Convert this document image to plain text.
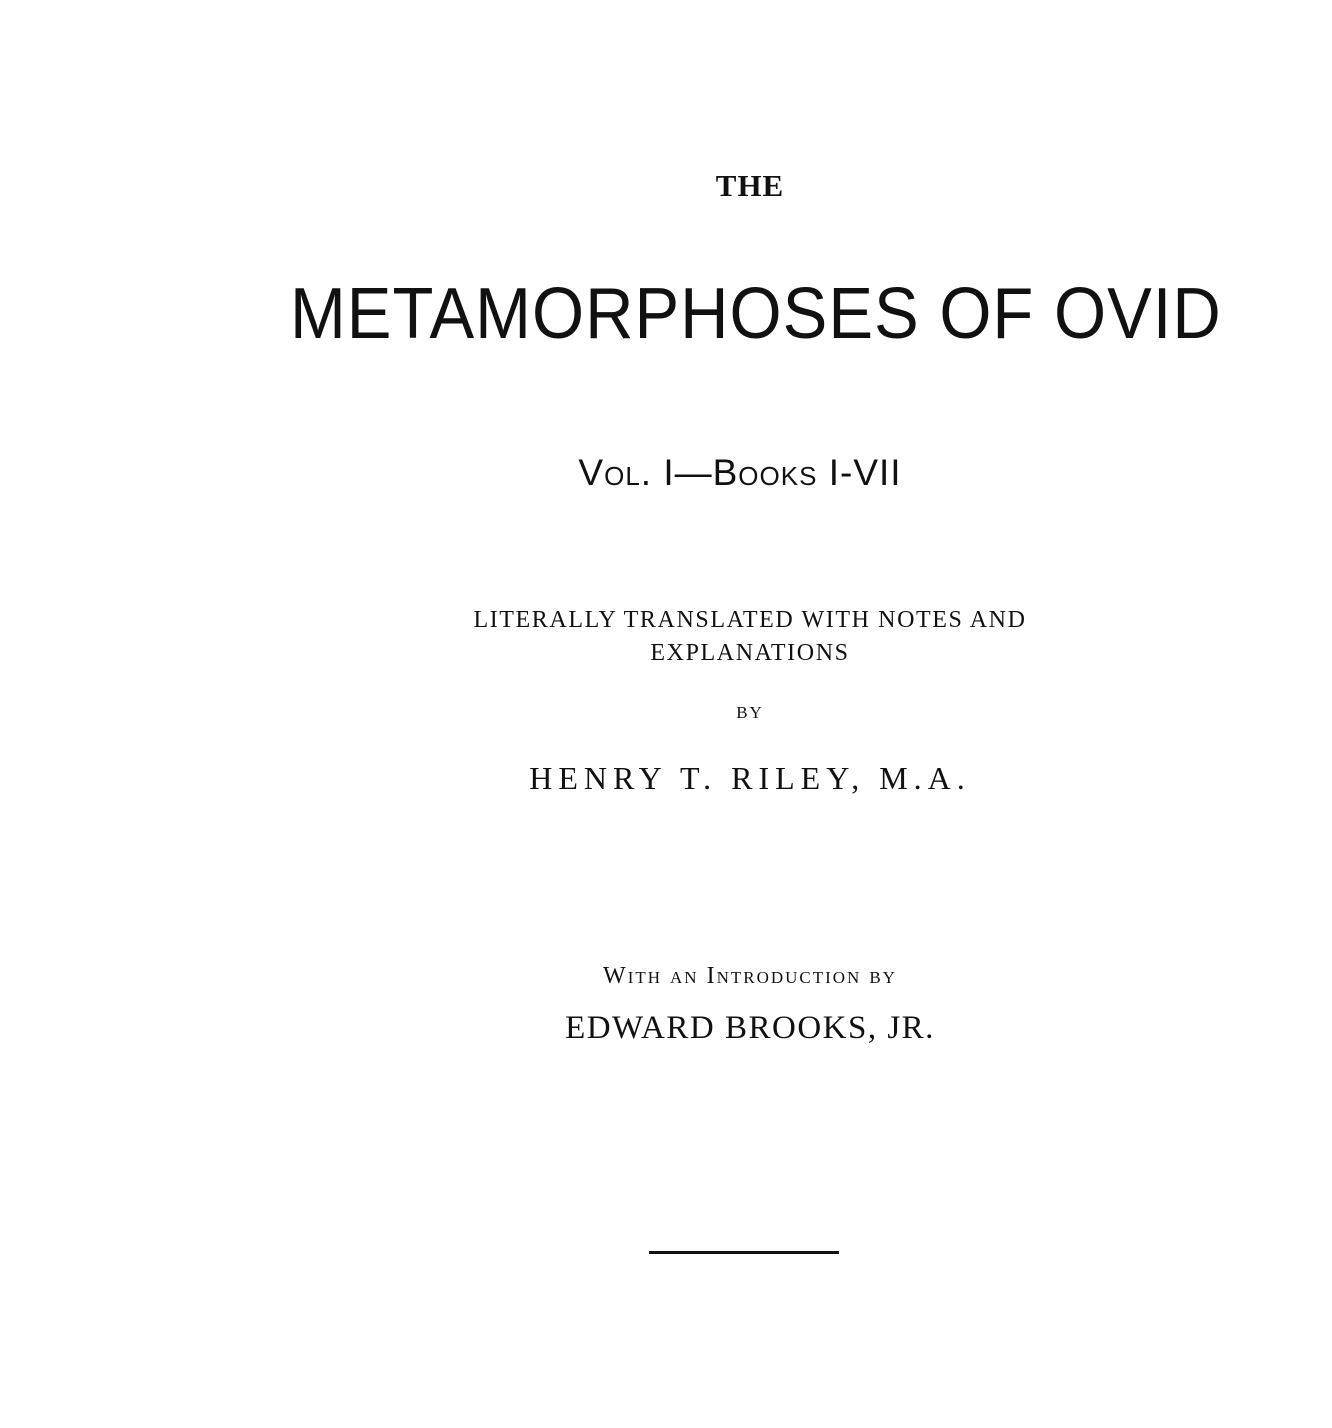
THE
METAMORPHOSES OF OVID
Vol. I—Books I-VII
LITERALLY TRANSLATED WITH NOTES AND
EXPLANATIONS
BY
HENRY T. RILEY, M.A.
With an Introduction by
EDWARD BROOKS, JR.
